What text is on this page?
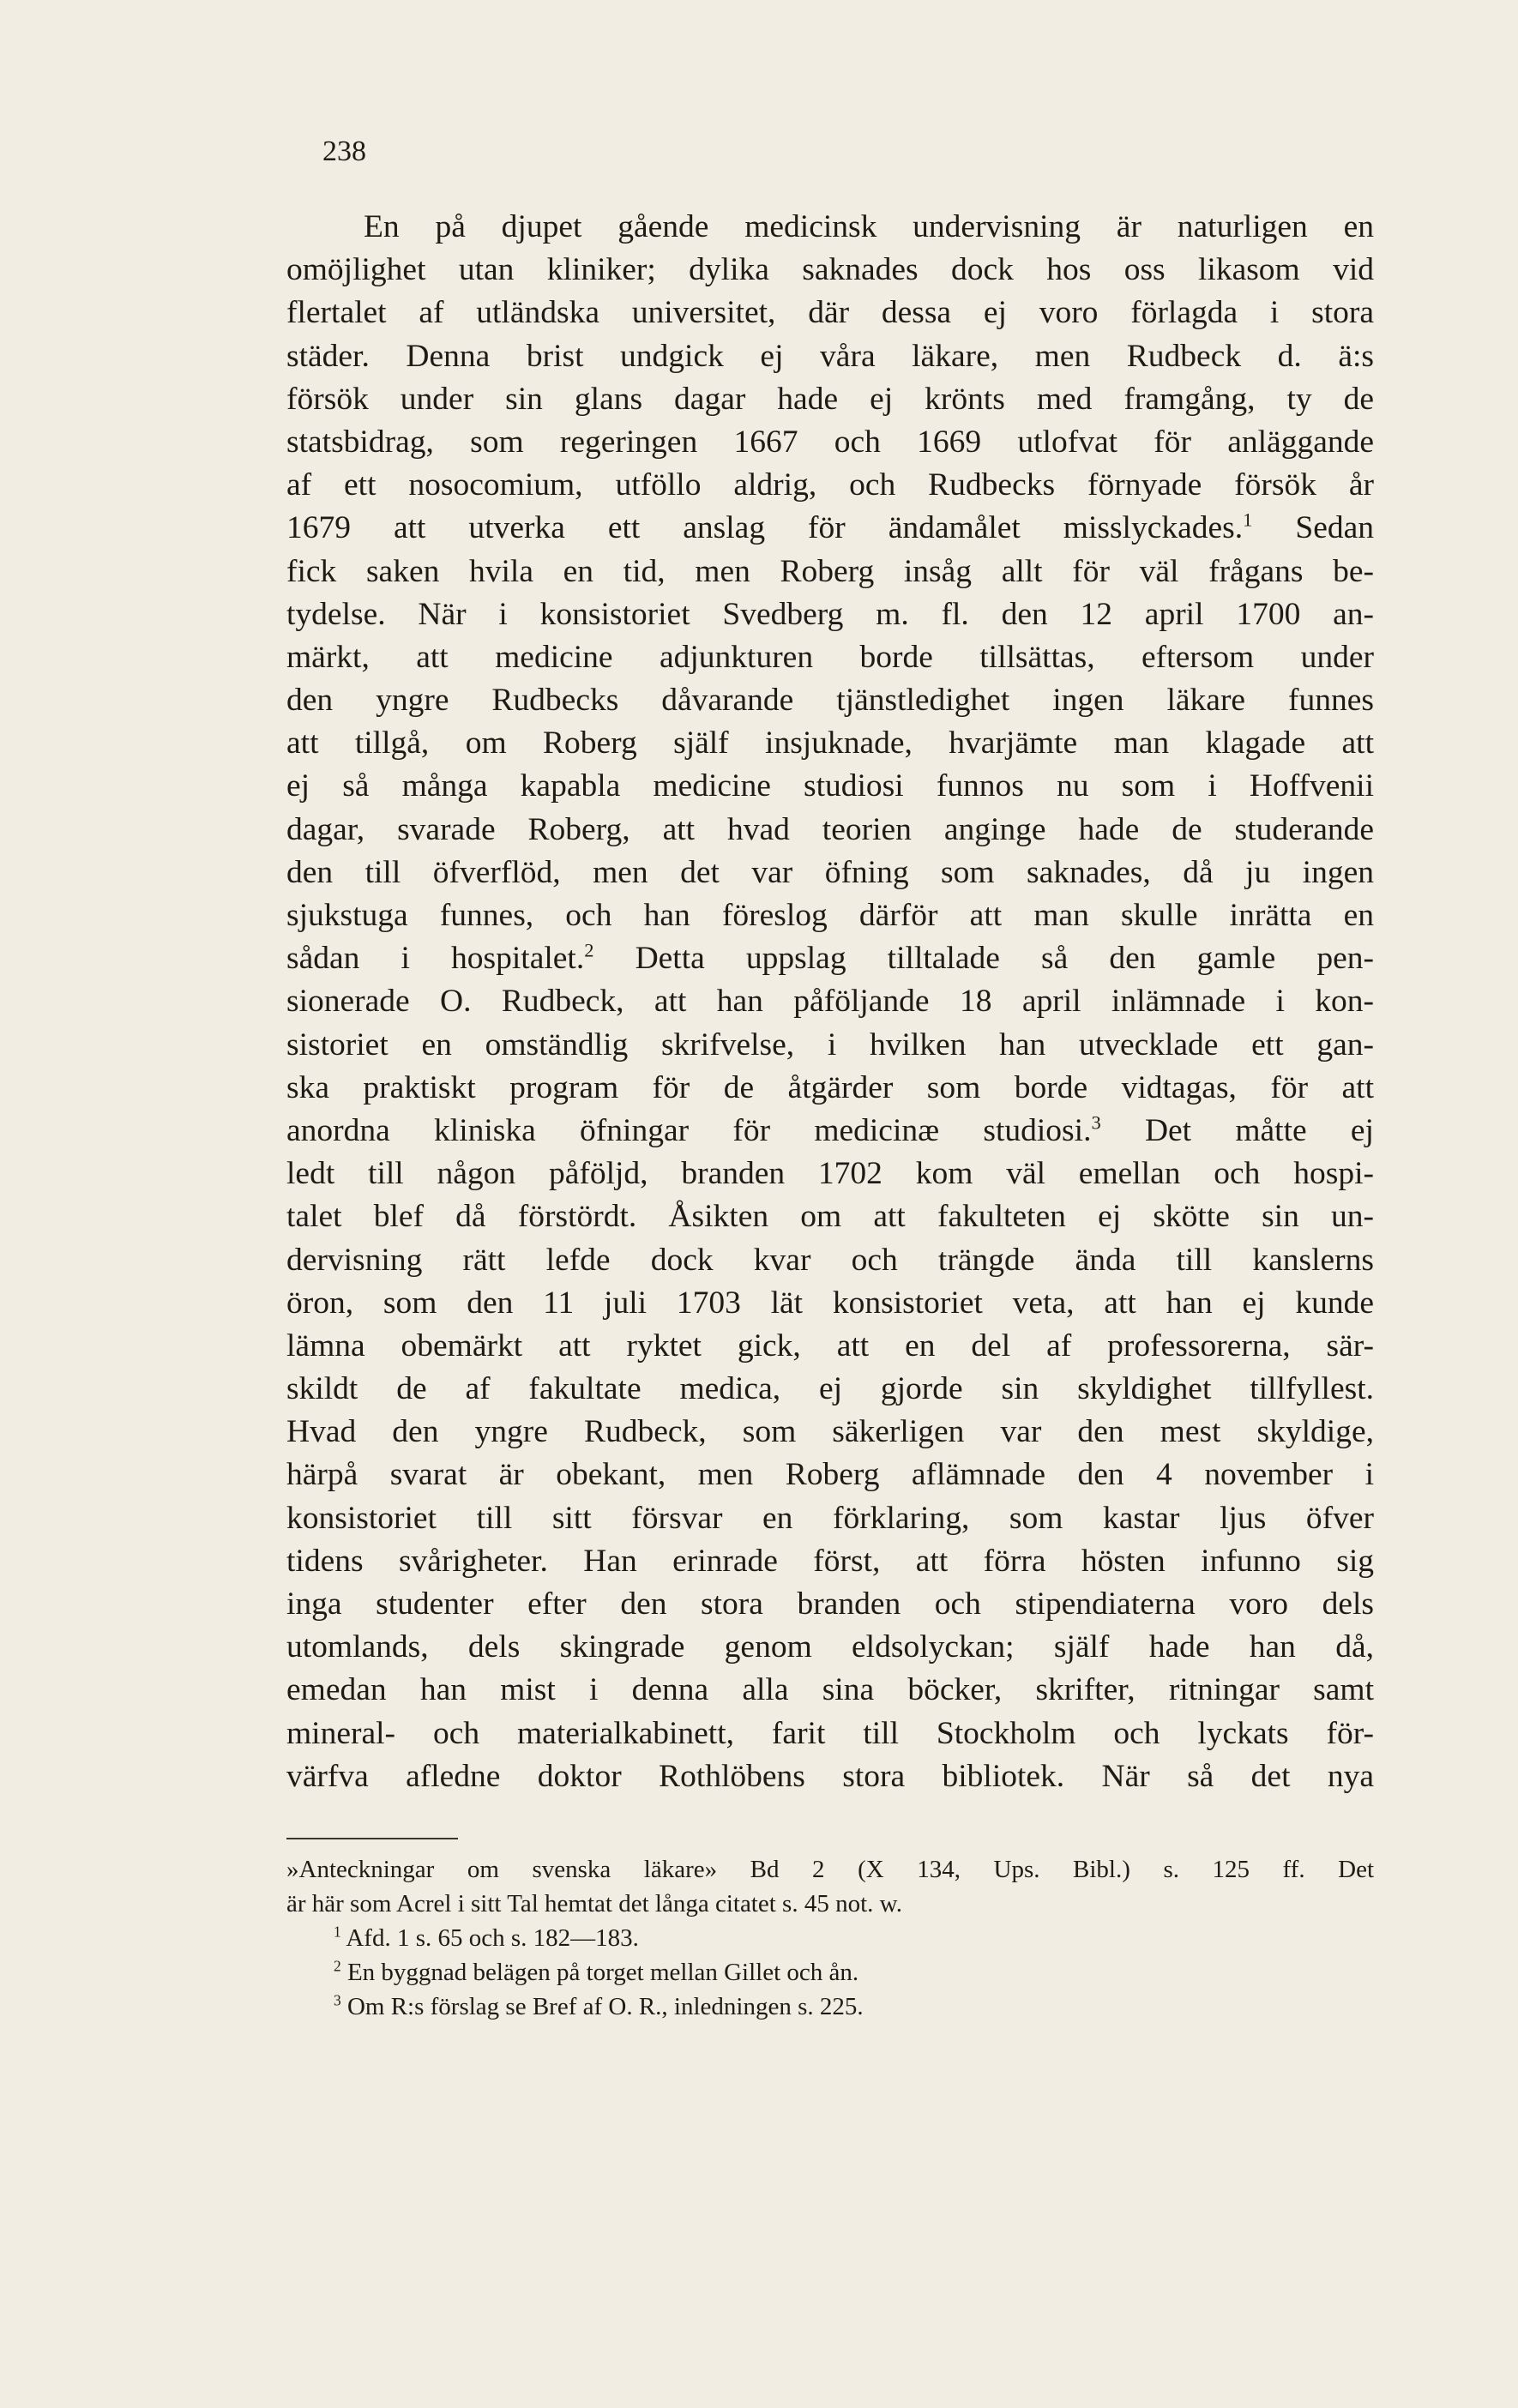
238
En på djupet gående medicinsk undervisning är naturligen en
omöjlighet utan kliniker; dylika saknades dock hos oss likasom vid
flertalet af utländska universitet, där dessa ej voro förlagda i stora
städer. Denna brist undgick ej våra läkare, men Rudbeck d. ä:s
försök under sin glans dagar hade ej krönts med framgång, ty de
statsbidrag, som regeringen 1667 och 1669 utlofvat för anläggande
af ett nosocomium, utföllo aldrig, och Rudbecks förnyade försök år
1679 att utverka ett anslag för ändamålet misslyckades.$^1$ Sedan
fick saken hvila en tid, men Roberg insåg allt för väl frågans be-
tydelse. När i konsistoriet Svedberg m. fl. den 12 april 1700 an-
märkt, att medicine adjunkturen borde tillsättas, eftersom under
den yngre Rudbecks dåvarande tjänstledighet ingen läkare funnes
att tillgå, om Roberg själf insjuknade, hvarjämte man klagade att
ej så många kapabla medicine studiosi funnos nu som i Hoffvenii
dagar, svarade Roberg, att hvad teorien anginge hade de studerande
den till öfverflöd, men det var öfning som saknades, då ju ingen
sjukstuga funnes, och han föreslog därför att man skulle inrätta en
sådan i hospitalet.$^2$ Detta uppslag tilltalade så den gamle pen-
sionerade O. Rudbeck, att han påföljande 18 april inlämnade i kon-
sistoriet en omständlig skrifvelse, i hvilken han utvecklade ett gan-
ska praktiskt program för de åtgärder som borde vidtagas, för att
anordna kliniska öfningar för medicinæ studiosi.$^3$ Det måtte ej
ledt till någon påföljd, branden 1702 kom väl emellan och hospi-
talet blef då förstördt. Åsikten om att fakulteten ej skötte sin un-
dervisning rätt lefde dock kvar och trängde ända till kanslerns
öron, som den 11 juli 1703 lät konsistoriet veta, att han ej kunde
lämna obemärkt att ryktet gick, att en del af professorerna, sär-
skildt de af fakultate medica, ej gjorde sin skyldighet tillfyllest.
Hvad den yngre Rudbeck, som säkerligen var den mest skyldige,
härpå svarat är obekant, men Roberg aflämnade den 4 november i
konsistoriet till sitt försvar en förklaring, som kastar ljus öfver
tidens svårigheter. Han erinrade först, att förra hösten infunno sig
inga studenter efter den stora branden och stipendiaterna voro dels
utomlands, dels skingrade genom eldsolyckan; själf hade han då,
emedan han mist i denna alla sina böcker, skrifter, ritningar samt
mineral- och materialkabinett, farit till Stockholm och lyckats för-
värfva afledne doktor Rothlöbens stora bibliotek. När så det nya
»Anteckningar om svenska läkare» Bd 2 (X 134, Ups. Bibl.) s. 125 ff. Det
är här som Acrel i sitt Tal hemtat det långa citatet s. 45 not. w.
$^1$ Afd. 1 s. 65 och s. 182—183.
$^2$ En byggnad belägen på torget mellan Gillet och ån.
$^3$ Om R:s förslag se Bref af O. R., inledningen s. 225.
